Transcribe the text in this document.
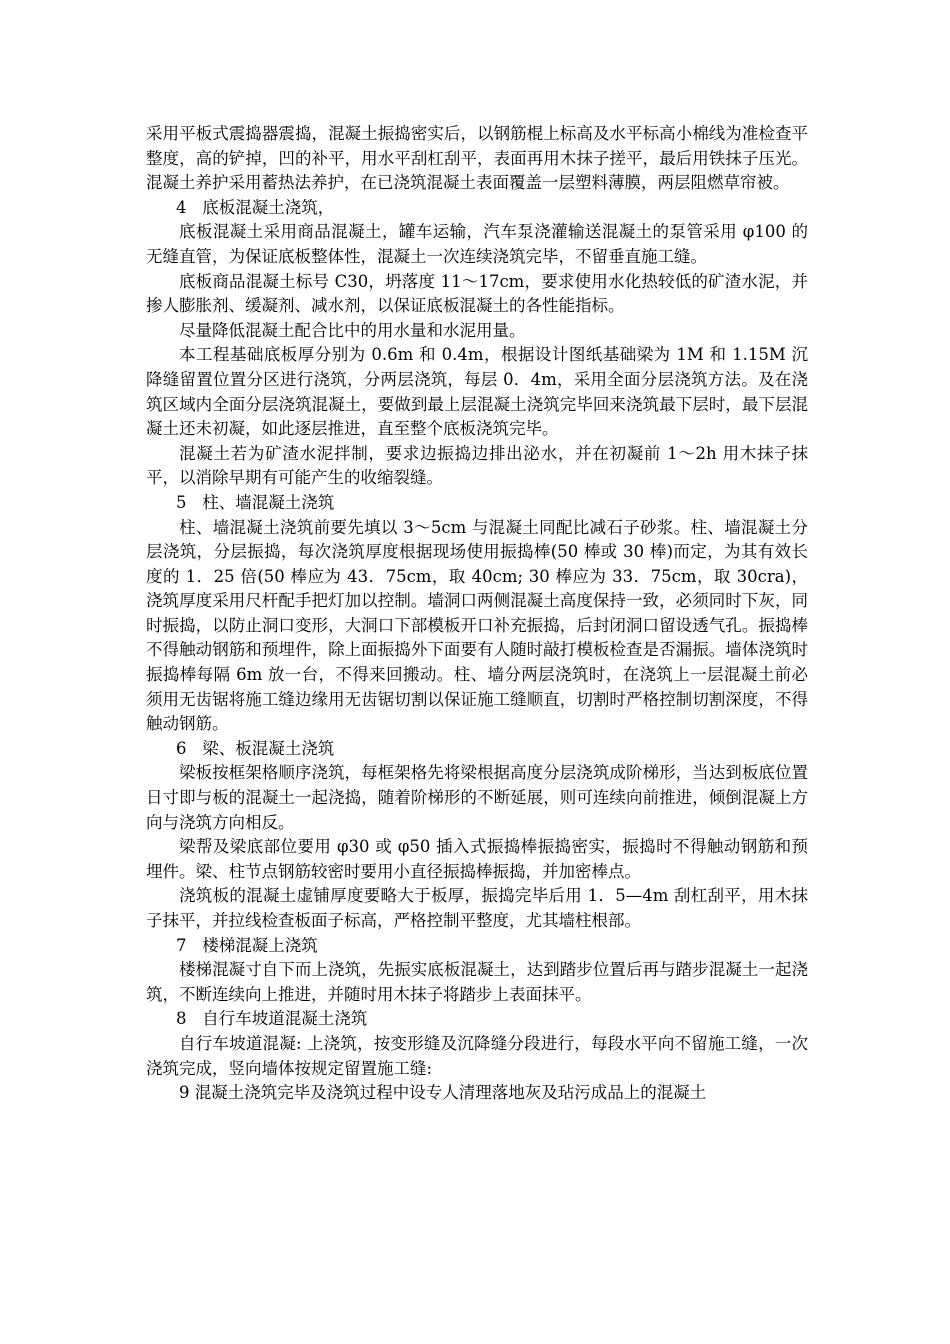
采用平板式震捣器震捣，混凝土振捣密实后，以钢筋棍上标高及水平标高小棉线为准检查平整度，高的铲掉，凹的补平，用水平刮杠刮平，表面再用木抹子搓平，最后用铁抹子压光。混凝土养护采用蓄热法养护，在已浇筑混凝土表面覆盖一层塑料薄膜，两层阻燃草帘被。

4   底板混凝土浇筑，

底板混凝土采用商品混凝土，罐车运输，汽车泵浇灌输送混凝土的泵管采用 φ100 的无缝直管，为保证底板整体性，混凝土一次连续浇筑完毕，不留垂直施工缝。

底板商品混凝土标号 C30，坍落度 11～17cm，要求使用水化热较低的矿渣水泥，并掺人膨胀剂、缓凝剂、减水剂，以保证底板混凝土的各性能指标。

尽量降低混凝土配合比中的用水量和水泥用量。

本工程基础底板厚分别为 0.6m 和 0.4m，根据设计图纸基础梁为 1M 和 1.15M 沉降缝留置位置分区进行浇筑，分两层浇筑，每层 0．4m，采用全面分层浇筑方法。及在浇筑区域内全面分层浇筑混凝土，要做到最上层混凝土浇筑完毕回来浇筑最下层时，最下层混凝土还未初凝，如此逐层推进，直至整个底板浇筑完毕。

混凝土若为矿渣水泥拌制，要求边振捣边排出泌水，并在初凝前 1～2h 用木抹子抹平，以消除早期有可能产生的收缩裂缝。

5   柱、墙混凝土浇筑

柱、墙混凝土浇筑前要先填以 3～5cm 与混凝土同配比减石子砂浆。柱、墙混凝土分层浇筑，分层振捣，每次浇筑厚度根据现场使用振捣棒(50 棒或 30 棒)而定，为其有效长度的 1．25 倍(50 棒应为 43．75cm，取 40cm; 30 棒应为 33．75cm，取 30cra)，浇筑厚度采用尺杆配手把灯加以控制。墙洞口两侧混凝土高度保持一致，必须同时下灰，同时振捣，以防止洞口变形，大洞口下部模板开口补充振捣，后封闭洞口留设透气孔。振捣棒不得触动钢筋和预埋件，除上面振捣外下面要有人随时敲打模板检查是否漏振。墙体浇筑时振捣棒每隔 6m 放一台，不得来回搬动。柱、墙分两层浇筑时，在浇筑上一层混凝土前必须用无齿锯将施工缝边缘用无齿锯切割以保证施工缝顺直，切割时严格控制切割深度，不得触动钢筋。

6   梁、板混凝土浇筑

梁板按框架格顺序浇筑，每框架格先将梁根据高度分层浇筑成阶梯形，当达到板底位置日寸即与板的混凝土一起浇捣，随着阶梯形的不断延展，则可连续向前推进，倾倒混凝上方向与浇筑方向相反。

梁帮及梁底部位要用 φ30 或 φ50 插入式振捣棒振捣密实，振捣时不得触动钢筋和预埋件。梁、柱节点钢筋较密时要用小直径振捣棒振捣，并加密棒点。

浇筑板的混凝土虚铺厚度要略大于板厚，振捣完毕后用 1．5—4m 刮杠刮平，用木抹子抹平，并拉线检查板面子标高，严格控制平整度，尤其墙柱根部。

7   楼梯混凝上浇筑

楼梯混凝寸自下而上浇筑，先振实底板混凝土，达到踏步位置后再与踏步混凝土一起浇筑，不断连续向上推进，并随时用木抹子将踏步上表面抹平。

8   自行车坡道混凝土浇筑

自行车坡道混凝: 上浇筑，按变形缝及沉降缝分段进行，每段水平向不留施工缝，一次浇筑完成，竖向墙体按规定留置施工缝:

9 混凝土浇筑完毕及浇筑过程中设专人清理落地灰及玷污成品上的混凝土
